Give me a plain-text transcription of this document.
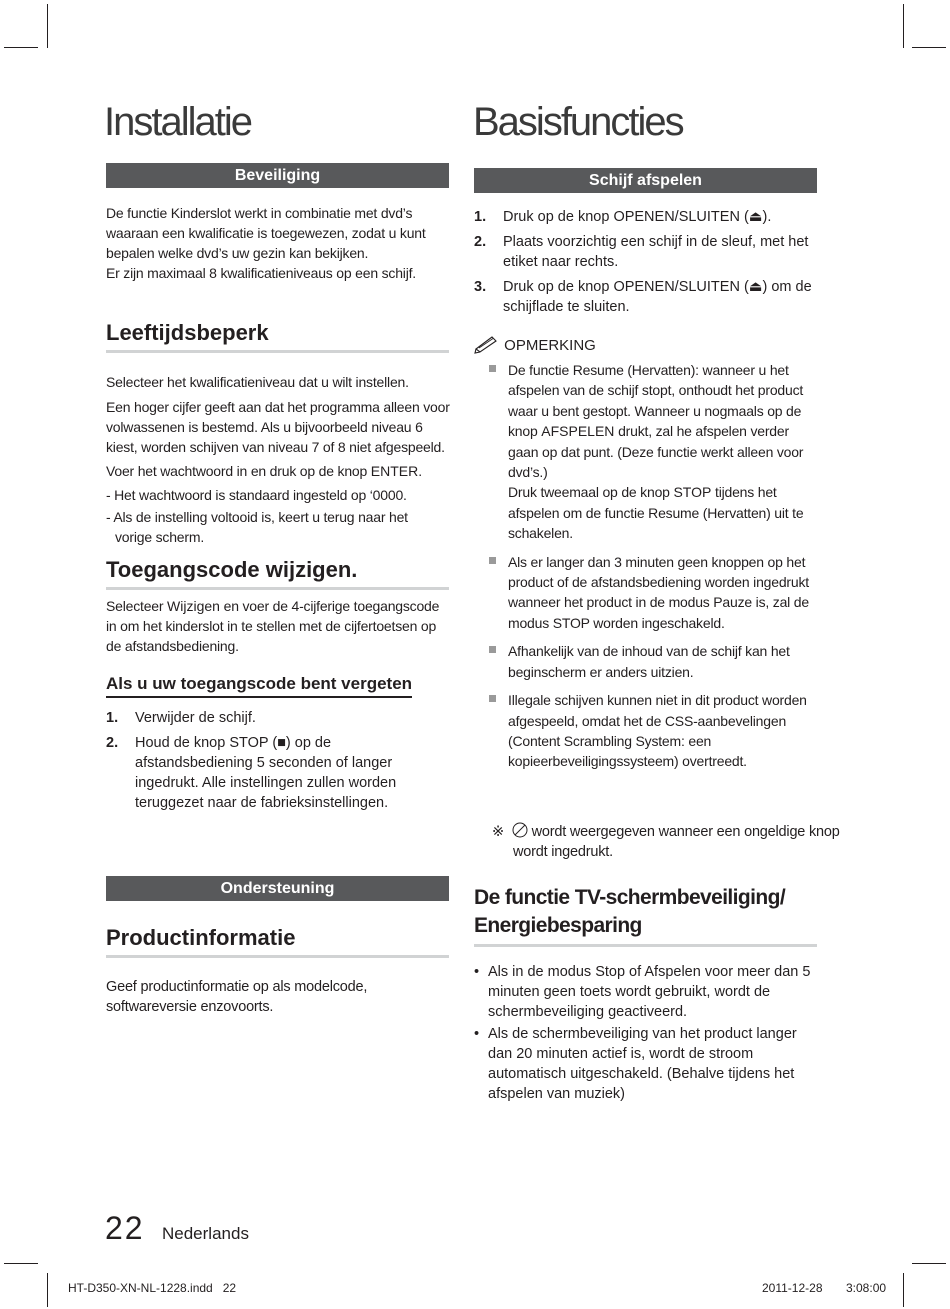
Installatie
Beveiliging

De functie Kinderslot werkt in combinatie met dvd’s waaraan een kwalificatie is toegewezen, zodat u kunt bepalen welke dvd’s uw gezin kan bekijken.
Er zijn maximaal 8 kwalificatieniveaus op een schijf.

Leeftijdsbeperk

Selecteer het kwalificatieniveau dat u wilt instellen.

Een hoger cijfer geeft aan dat het programma alleen voor volwassenen is bestemd. Als u bijvoorbeeld niveau 6 kiest, worden schijven van niveau 7 of 8 niet afgespeeld.

Voer het wachtwoord in en druk op de knop ENTER.

- Het wachtwoord is standaard ingesteld op ‘0000.

- Als de instelling voltooid is, keert u terug naar het
vorige scherm.

Toegangscode wijzigen.

Selecteer Wijzigen en voer de 4-cijferige toegangscode in om het kinderslot in te stellen met de cijfertoetsen op de afstandsbediening.

Als u uw toegangscode bent vergeten
1. Verwijder de schijf.
2. Houd de knop STOP (■) op de afstandsbediening 5 seconden of langer ingedrukt. Alle instellingen zullen worden teruggezet naar de fabrieksinstellingen.
Ondersteuning
Productinformatie

Geef productinformatie op als modelcode, softwareversie enzovoorts.

Basisfuncties
Schijf afspelen
1. Druk op de knop OPENEN/SLUITEN (⏏).
2. Plaats voorzichtig een schijf in de sleuf, met het etiket naar rechts.
3. Druk op de knop OPENEN/SLUITEN (⏏) om de schijflade te sluiten.
OPMERKING
De functie Resume (Hervatten): wanneer u het afspelen van de schijf stopt, onthoudt het product waar u bent gestopt. Wanneer u nogmaals op de knop AFSPELEN drukt, zal he afspelen verder gaan op dat punt. (Deze functie werkt alleen voor dvd’s.)
Druk tweemaal op de knop STOP tijdens het afspelen om de functie Resume (Hervatten) uit te schakelen.
Als er langer dan 3 minuten geen knoppen op het product of de afstandsbediening worden ingedrukt wanneer het product in de modus Pauze is, zal de modus STOP worden ingeschakeld.
Afhankelijk van de inhoud van de schijf kan het beginscherm er anders uitzien.
Illegale schijven kunnen niet in dit product worden afgespeeld, omdat het de CSS-aanbevelingen (Content Scrambling System: een kopieerbeveiligingssysteem) overtreedt.

※  wordt weergegeven wanneer een ongeldige knop wordt ingedrukt.

De functie TV-schermbeveiliging/
Energiebesparing
• Als in de modus Stop of Afspelen voor meer dan 5 minuten geen toets wordt gebruikt, wordt de schermbeveiliging geactiveerd.
• Als de schermbeveiliging van het product langer dan 20 minuten actief is, wordt de stroom automatisch uitgeschakeld. (Behalve tijdens het afspelen van muziek)
22 Nederlands
HT-D350-XN-NL-1228.indd   22	2011-12-28 3:08:00
